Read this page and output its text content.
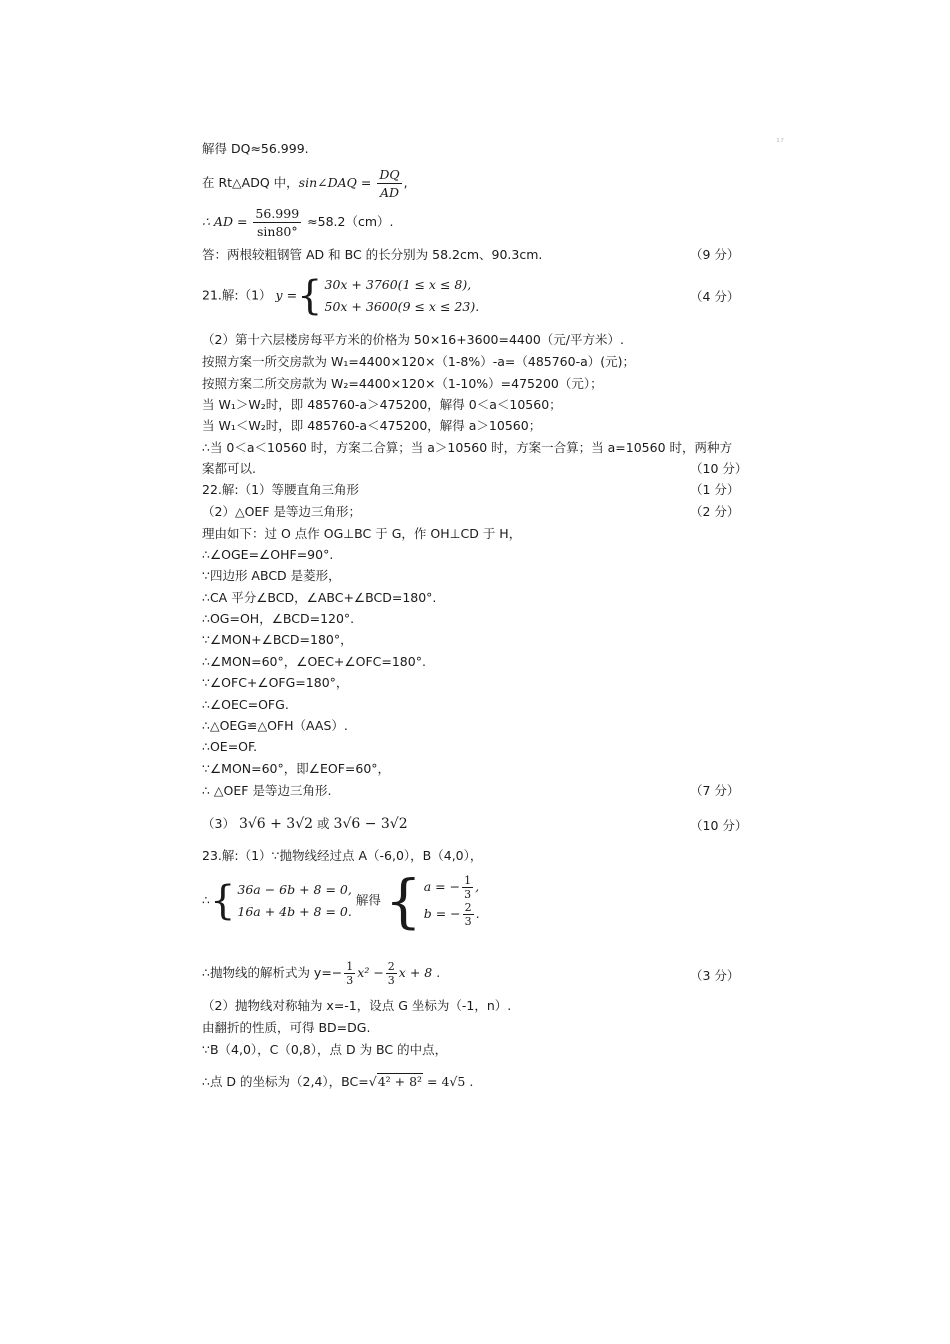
₁₇
解得 DQ≈56.999.
在 Rt△ADQ 中，sin∠DAQ = $\frac{DQ}{AD}$ ,
∴ AD = $\frac{56.999}{\sin 80^\circ} \approx 58.2(cm)$.
答：两根较粗钢管 AD 和 BC 的长分别为 58.2cm、90.3cm.	（9 分）
21.解:（1） y ={ 30x + 3760(1 ≤ x ≤ 8),
50x + 3600(9 ≤ x ≤ 23).
（4 分）
（2）第十六层楼房每平方米的价格为 50×16+3600=4400（元/平方米）.
按照方案一所交房款为 W₁=4400×120×（1-8%）-a=（485760-a）(元)；
按照方案二所交房款为 W₂=4400×120×（1-10%）=475200（元）；
当 W₁＞W₂时，即 485760-a＞475200，解得 0＜a＜10560；
当 W₁＜W₂时，即 485760-a＜475200，解得 a＞10560；
∴当 0＜a＜10560 时，方案二合算；当 a＞10560 时，方案一合算；当 a=10560 时，两种方
案都可以.	（10 分）
22.解:（1）等腰直角三角形	（1 分）
（2）△OEF 是等边三角形；	（2 分）
理由如下：过 O 点作 OG⊥BC 于 G，作 OH⊥CD 于 H，
∴∠OGE=∠OHF=90°.
∵四边形 ABCD 是菱形，
∴CA 平分∠BCD，∠ABC+∠BCD=180°.
∴OG=OH，∠BCD=120°.
∵∠MON+∠BCD=180°，
∴∠MON=60°，∠OEC+∠OFC=180°.
∵∠OFC+∠OFG=180°，
∴∠OEC=OFG.
∴△OEG≌△OFH（AAS）.
∴OE=OF.
∵∠MON=60°，即∠EOF=60°，
∴ △OEF 是等边三角形.	（7 分）
（3） 3√6 + 3√2 或 3√6 − 3√2	（10 分）
23.解:（1）∵抛物线经过点 A（-6,0），B（4,0），
∴{ 36a − 6b + 8 = 0,
16a + 4b + 8 = 0.
解得 { a = − $\frac{1}{3}$ ,
b = − $\frac{2}{3}$ .
∴抛物线的解析式为 $y=- \frac{1}{3} x^2 - \frac{2}{3}$ x + 8 .	（3 分）
（2）抛物线对称轴为 x=-1，设点 G 坐标为（-1，n）.
由翻折的性质，可得 BD=DG.
∵B（4,0），C（0,8），点 D 为 BC 的中点，
∴点 D 的坐标为（2,4），BC=√4² + 8² = 4√5 .
